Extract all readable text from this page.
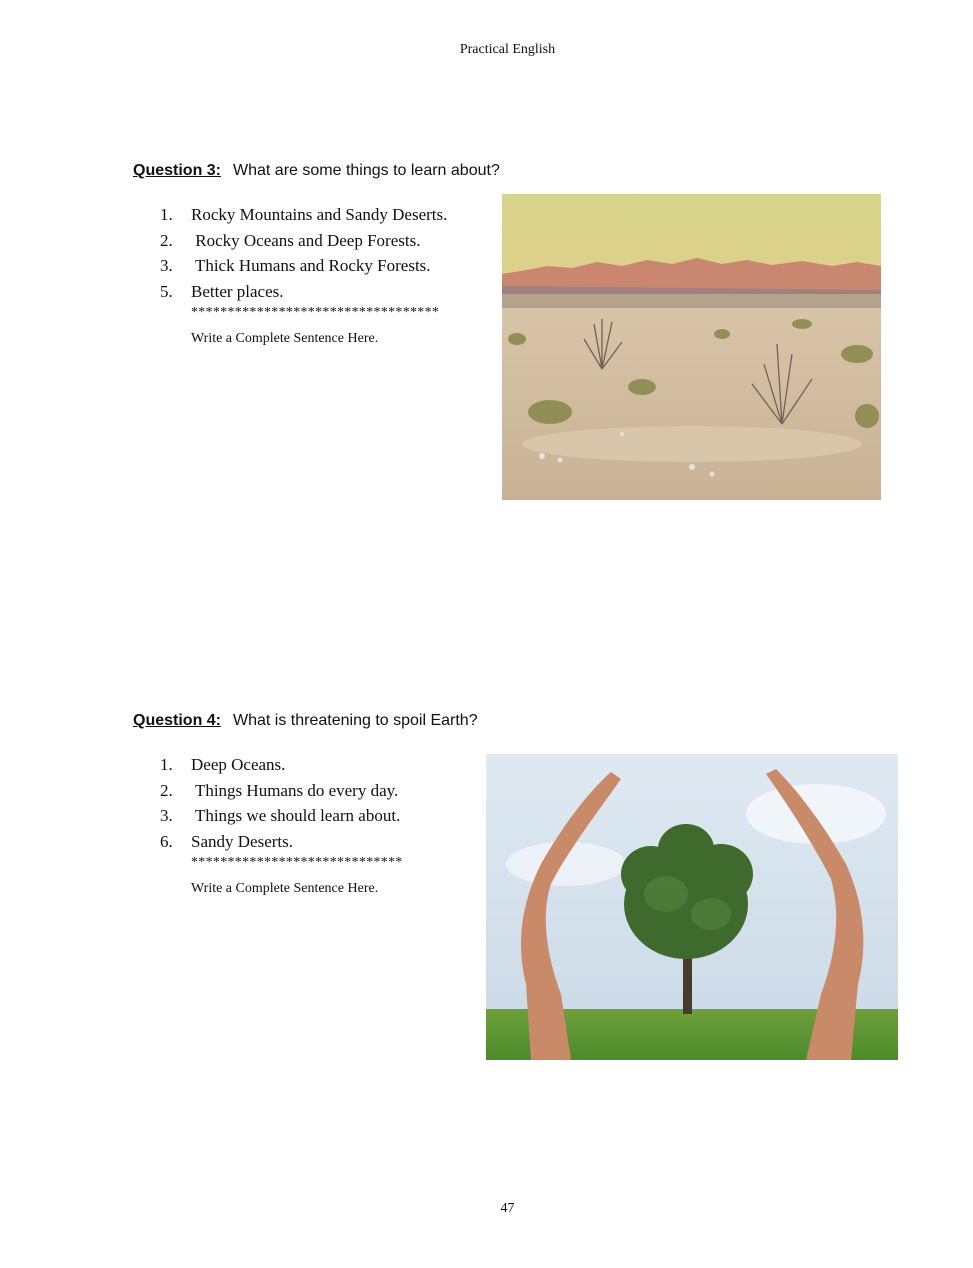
Practical English
Question 3: What are some things to learn about?
1. Rocky Mountains and Sandy Deserts.
2. Rocky Oceans and Deep Forests.
3. Thick Humans and Rocky Forests.
5. Better places.
**********************************
Write a Complete Sentence Here.
Question 4: What is threatening to spoil Earth?
1. Deep Oceans.
2. Things Humans do every day.
3. Things we should learn about.
6. Sandy Deserts.
*****************************
Write a Complete Sentence Here.
47
